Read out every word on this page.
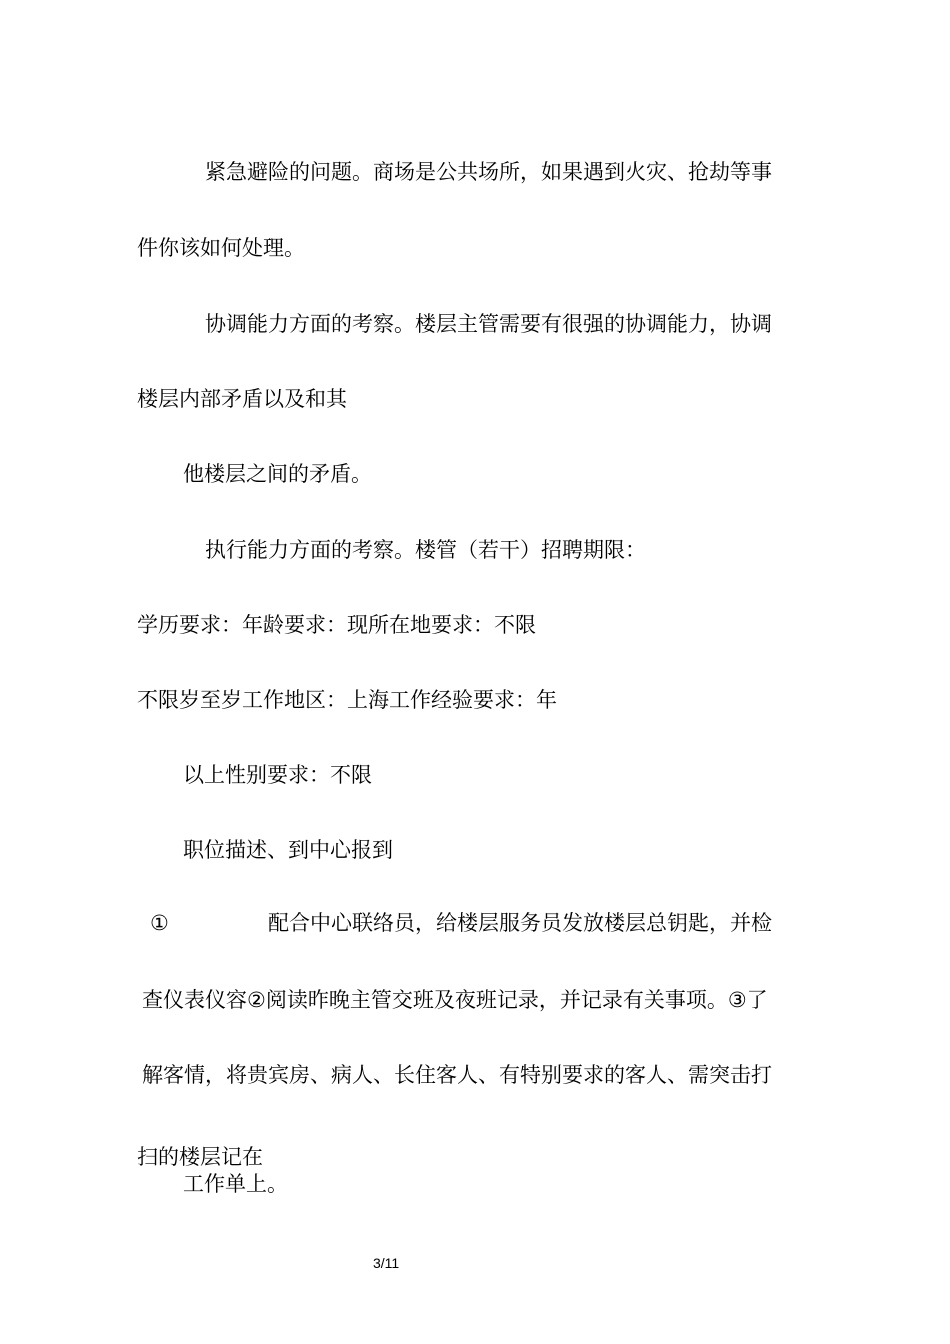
紧急避险的问题。商场是公共场所，如果遇到火灾、抢劫等事
件你该如何处理。
协调能力方面的考察。楼层主管需要有很强的协调能力，协调
楼层内部矛盾以及和其
他楼层之间的矛盾。
执行能力方面的考察。楼管（若干）招聘期限：
学历要求：年龄要求：现所在地要求：不限
不限岁至岁工作地区：上海工作经验要求：年
以上性别要求：不限
职位描述、到中心报到
①	配合中心联络员，给楼层服务员发放楼层总钥匙，并检
查仪表仪容②阅读昨晚主管交班及夜班记录，并记录有关事项。③了
解客情，将贵宾房、病人、长住客人、有特别要求的客人、需突击打
扫的楼层记在
工作单上。
3/11
